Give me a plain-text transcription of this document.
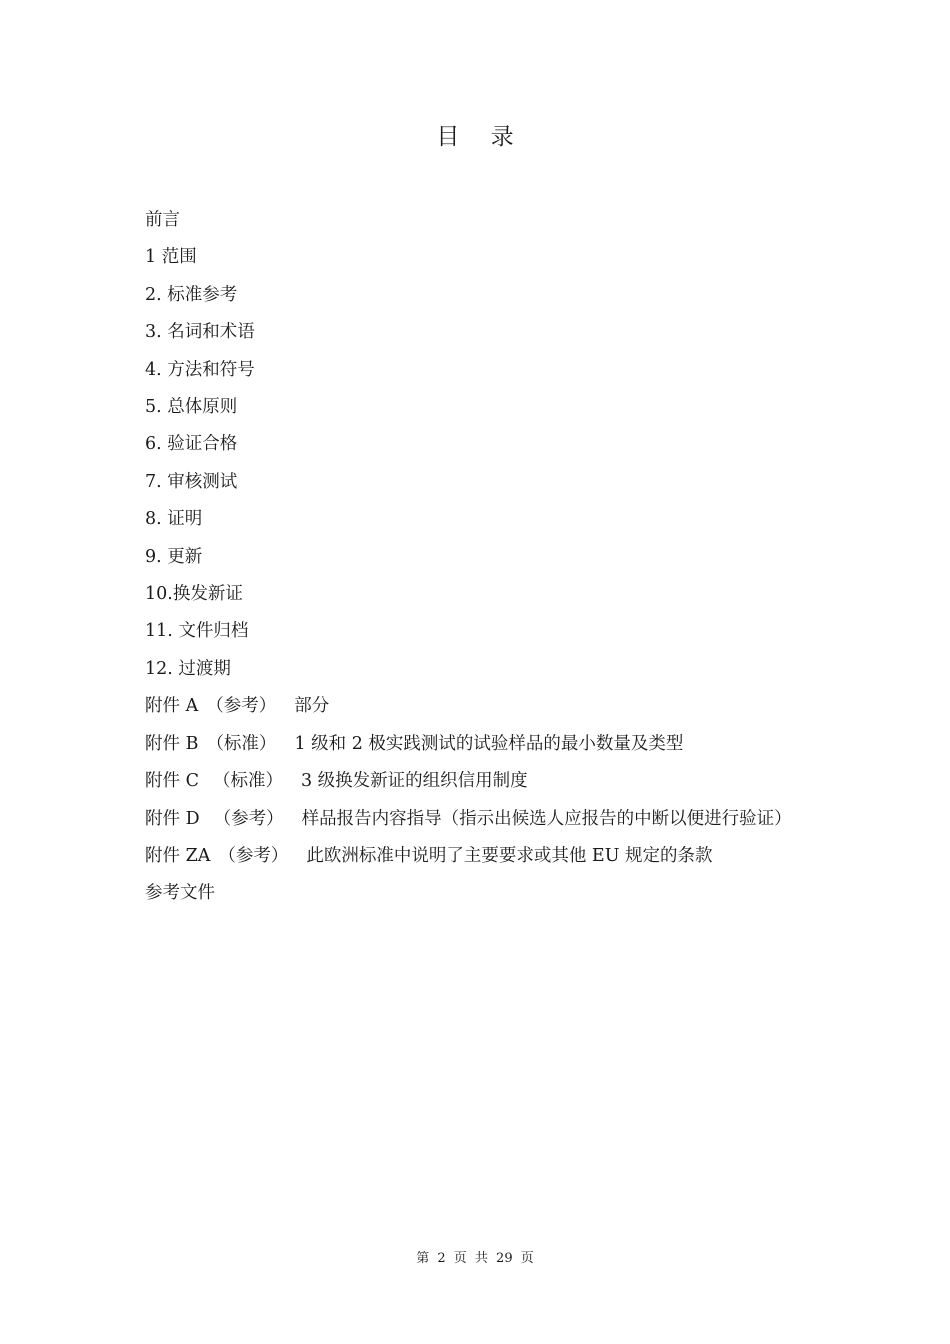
目 录
前言
1 范围
2. 标准参考
3. 名词和术语
4. 方法和符号
5. 总体原则
6. 验证合格
7. 审核测试
8. 证明
9. 更新
10.换发新证
11. 文件归档
12. 过渡期
附件 A （参考） 部分
附件 B （标准） 1 级和 2 极实践测试的试验样品的最小数量及类型
附件 C （标准） 3 级换发新证的组织信用制度
附件 D （参考） 样品报告内容指导（指示出候选人应报告的中断以便进行验证）
附件 ZA （参考） 此欧洲标准中说明了主要要求或其他 EU 规定的条款
参考文件
第 2 页 共 29 页
